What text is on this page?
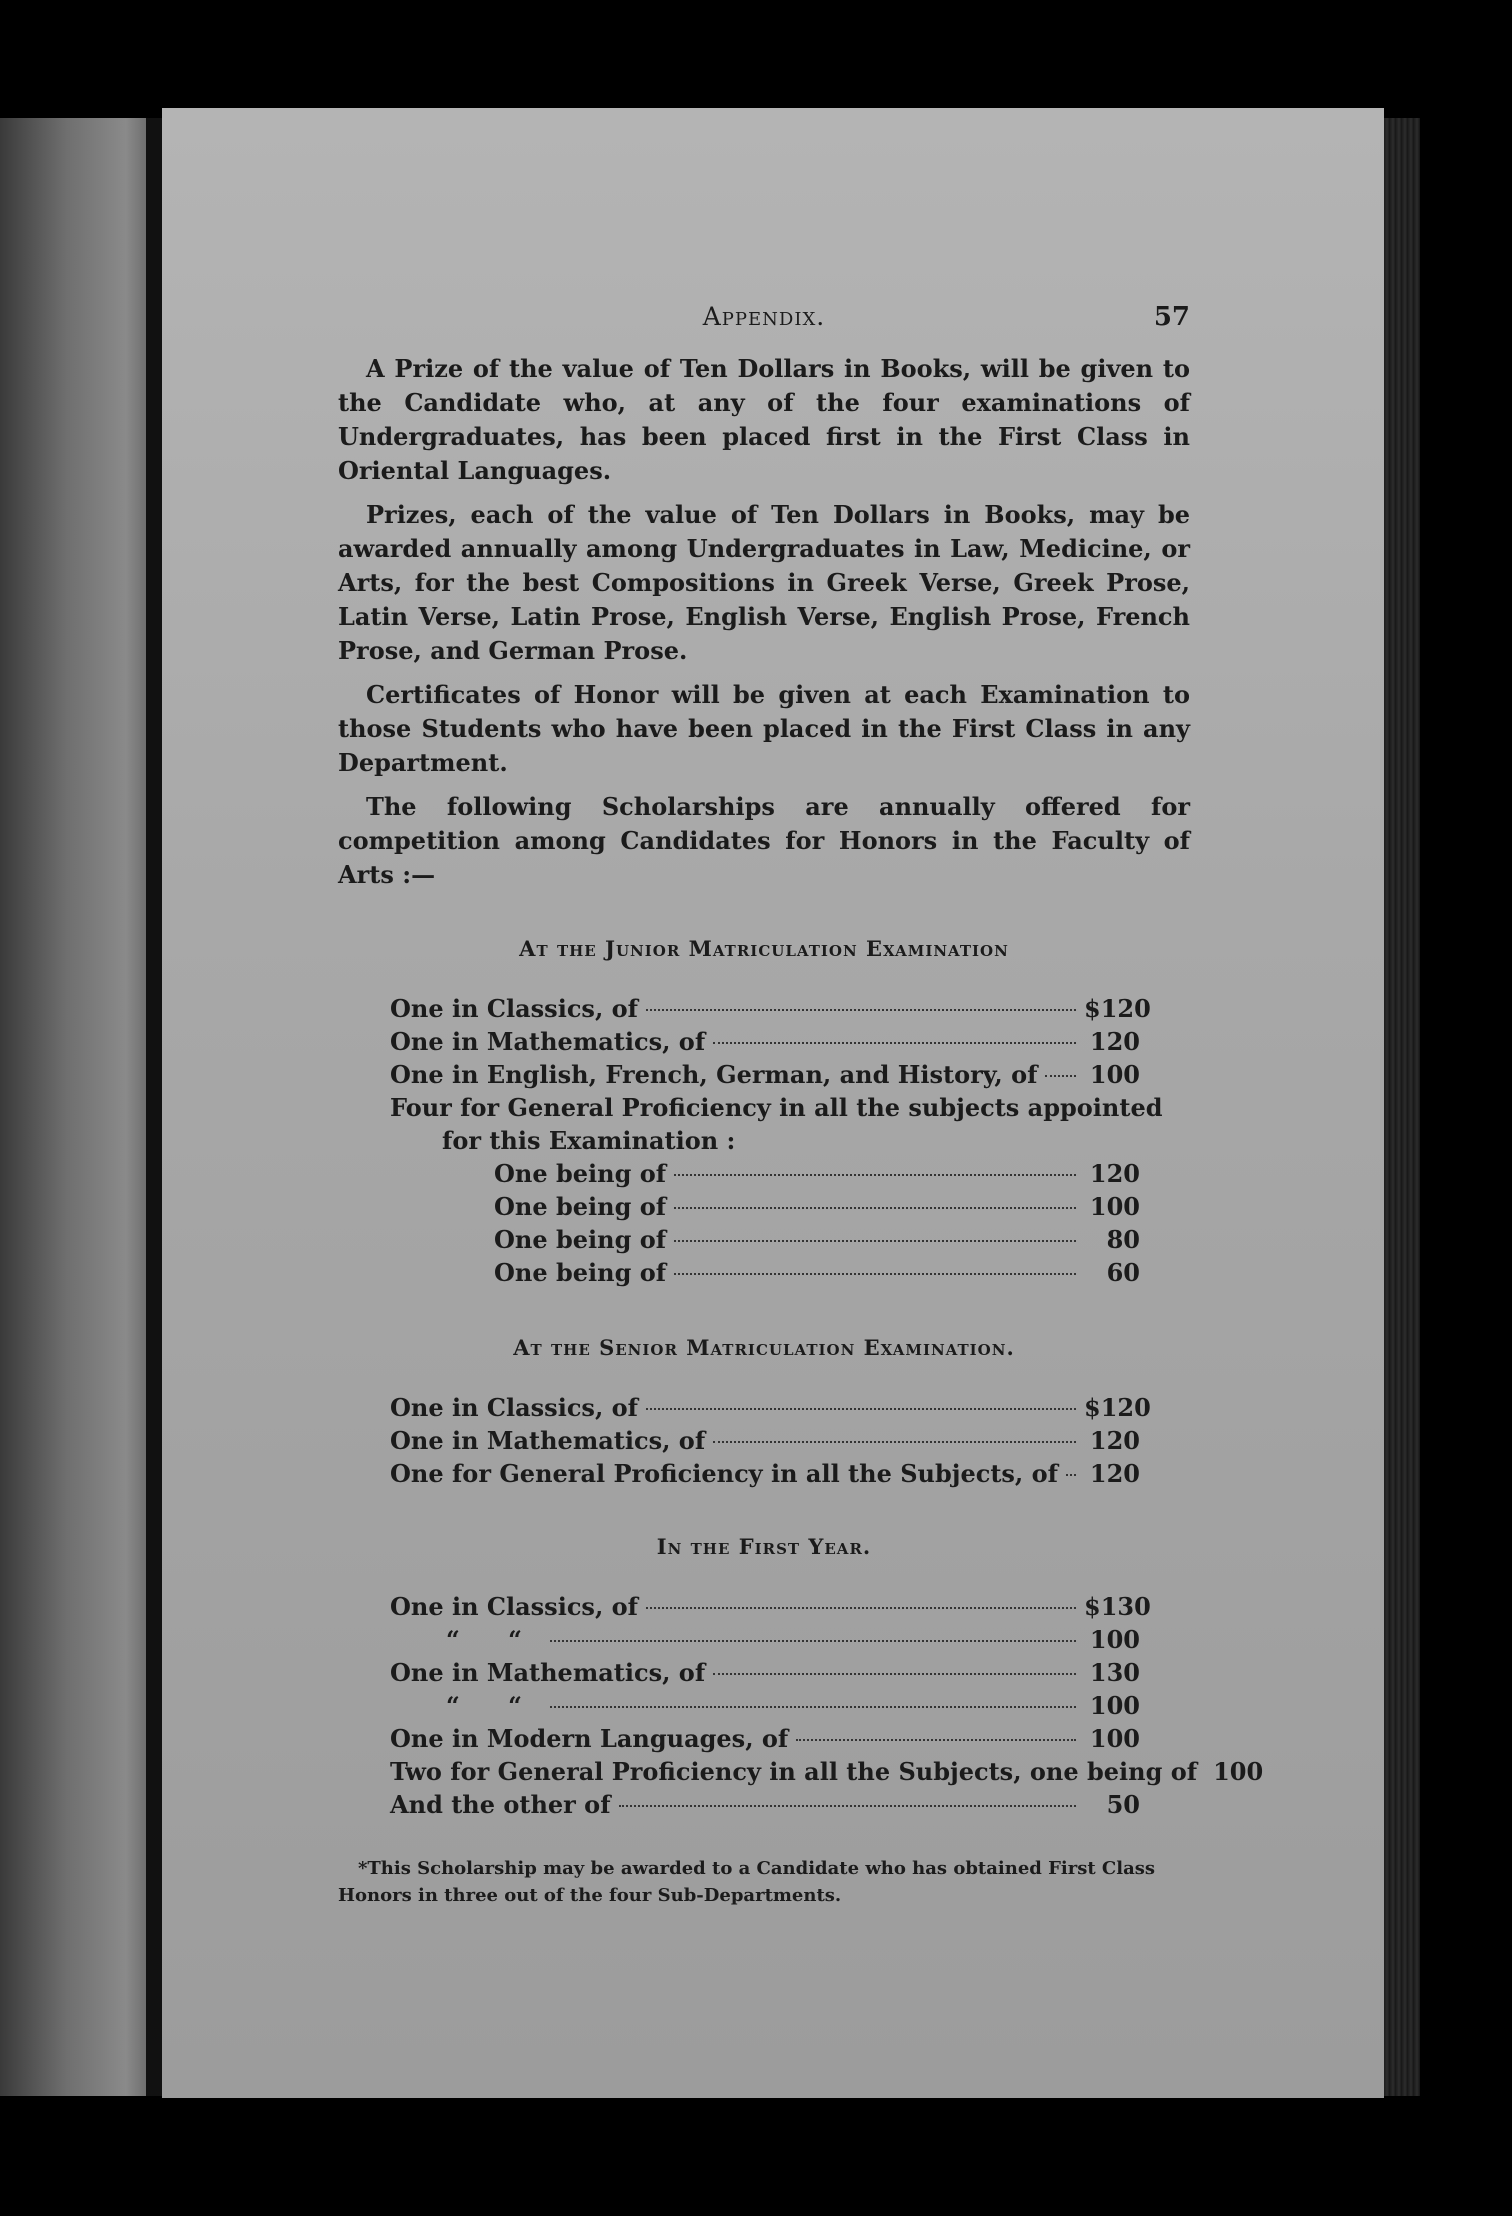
Appendix.	57

A Prize of the value of Ten Dollars in Books, will be given to the Candidate who, at any of the four examinations of Undergraduates, has been placed first in the First Class in Oriental Languages.

Prizes, each of the value of Ten Dollars in Books, may be awarded annually among Undergraduates in Law, Medicine, or Arts, for the best Compositions in Greek Verse, Greek Prose, Latin Verse, Latin Prose, English Verse, English Prose, French Prose, and German Prose.

Certificates of Honor will be given at each Examination to those Students who have been placed in the First Class in any Department.

The following Scholarships are annually offered for competition among Candidates for Honors in the Faculty of Arts :—

At the Junior Matriculation Examination
One in Classics, of	$120
One in Mathematics, of	120
One in English, French, German, and History, of 100
Four for General Proficiency in all the subjects appointed
for this Examination :
One being of	120
One being of	100
One being of	80
One being of	60
At the Senior Matriculation Examination.
One in Classics, of	$120
One in Mathematics, of	120
One for General Proficiency in all the Subjects, of 120
In the First Year.
One in Classics, of	$130
“ “	100
One in Mathematics, of	130
“ “	100
One in Modern Languages, of	100
Two for General Proficiency in all the Subjects, one being of 100
And the other of	50
*This Scholarship may be awarded to a Candidate who has obtained First Class Honors in three out of the four Sub-Departments.
